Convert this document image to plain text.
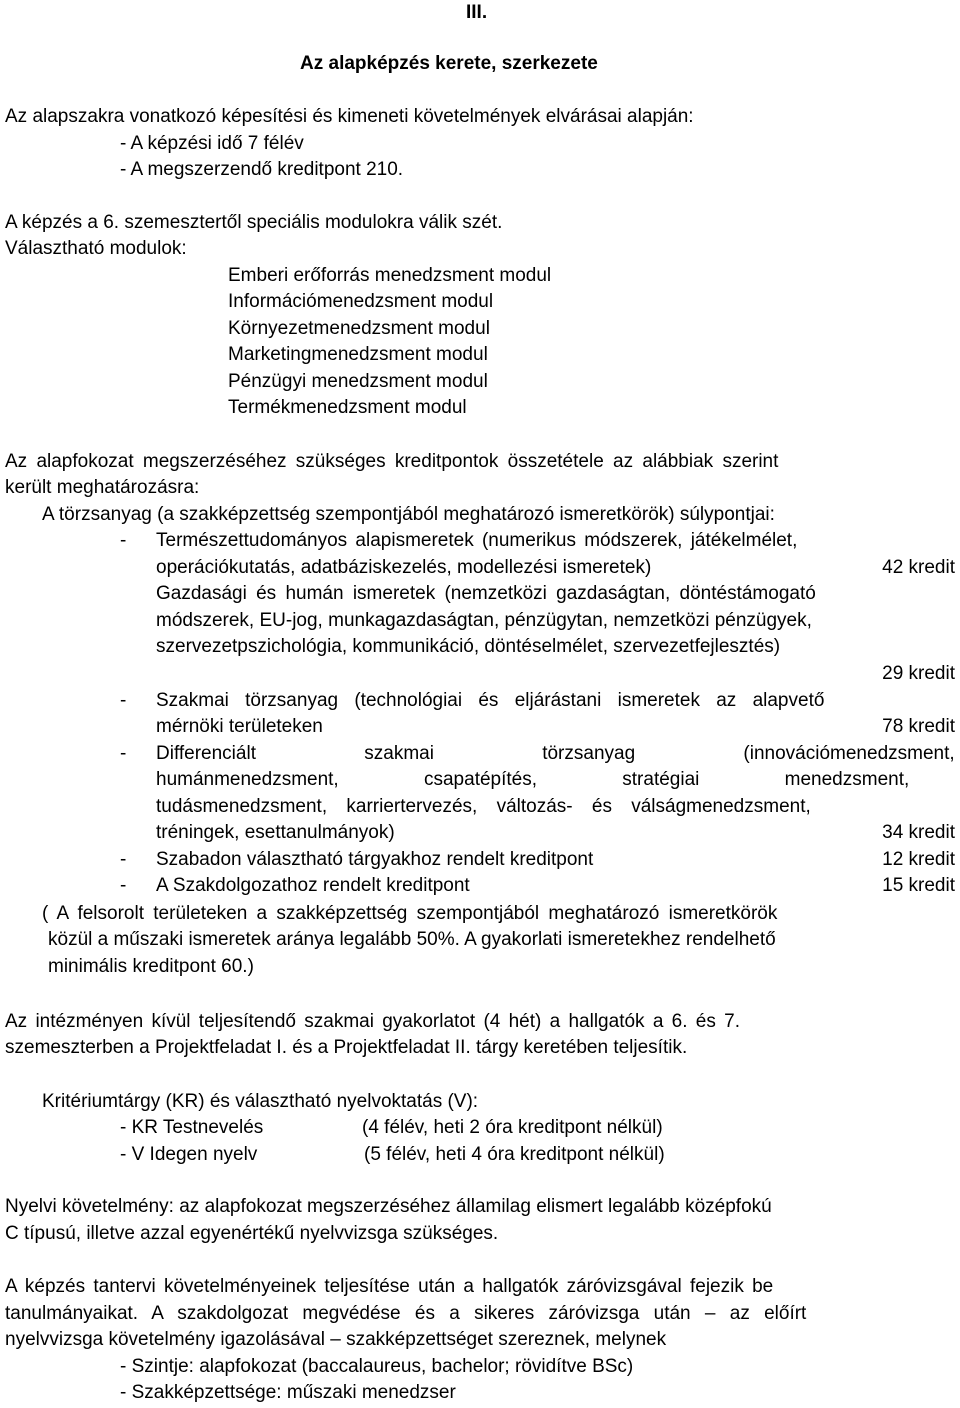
III.
Az alapképzés kerete, szerkezete
Az alapszakra vonatkozó képesítési és kimeneti követelmények elvárásai alapján:
- A képzési idő 7 félév
- A megszerzendő kreditpont 210.
A képzés a 6. szemesztertől speciális modulokra válik szét.
Választható modulok:
Emberi erőforrás menedzsment modul
Információmenedzsment modul
Környezetmenedzsment modul
Marketingmenedzsment modul
Pénzügyi menedzsment modul
Termékmenedzsment modul
Az alapfokozat megszerzéséhez szükséges kreditpontok összetétele az alábbiak szerint
került meghatározásra:
A törzsanyag (a szakképzettség szempontjából meghatározó ismeretkörök) súlypontjai:
- Természettudományos alapismeretek (numerikus módszerek, játékelmélet,
operációkutatás, adatbáziskezelés, modellezési ismeretek)	42 kredit
Gazdasági és humán ismeretek (nemzetközi gazdaságtan, döntéstámogató
módszerek, EU-jog, munkagazdaságtan, pénzügytan, nemzetközi pénzügyek,
szervezetpszichológia, kommunikáció, döntéselmélet, szervezetfejlesztés)
29 kredit
- Szakmai törzsanyag (technológiai és eljárástani ismeretek az alapvető
mérnöki területeken	78 kredit
- Differenciált szakmai törzsanyag (innovációmenedzsment,
humánmenedzsment, csapatépítés, stratégiai menedzsment,
tudásmenedzsment, karriertervezés, változás- és válságmenedzsment,
tréningek, esettanulmányok)	34 kredit
- Szabadon választható tárgyakhoz rendelt kreditpont	12 kredit
- A Szakdolgozathoz rendelt kreditpont	15 kredit
( A felsorolt területeken a szakképzettség szempontjából meghatározó ismeretkörök
közül a műszaki ismeretek aránya legalább 50%. A gyakorlati ismeretekhez rendelhető
minimális kreditpont 60.)
Az intézményen kívül teljesítendő szakmai gyakorlatot (4 hét) a hallgatók a 6. és 7.
szemeszterben a Projektfeladat I. és a Projektfeladat II. tárgy keretében teljesítik.
Kritériumtárgy (KR) és választható nyelvoktatás (V):
- KR Testnevelés	(4 félév, heti 2 óra kreditpont nélkül)
- V Idegen nyelv	(5 félév, heti 4 óra kreditpont nélkül)
Nyelvi követelmény: az alapfokozat megszerzéséhez államilag elismert legalább középfokú
C típusú, illetve azzal egyenértékű nyelvvizsga szükséges.
A képzés tantervi követelményeinek teljesítése után a hallgatók záróvizsgával fejezik be
tanulmányaikat. A szakdolgozat megvédése és a sikeres záróvizsga után – az előírt
nyelvvizsga követelmény igazolásával – szakképzettséget szereznek, melynek
- Szintje: alapfokozat (baccalaureus, bachelor; rövidítve BSc)
- Szakképzettsége: műszaki menedzser
